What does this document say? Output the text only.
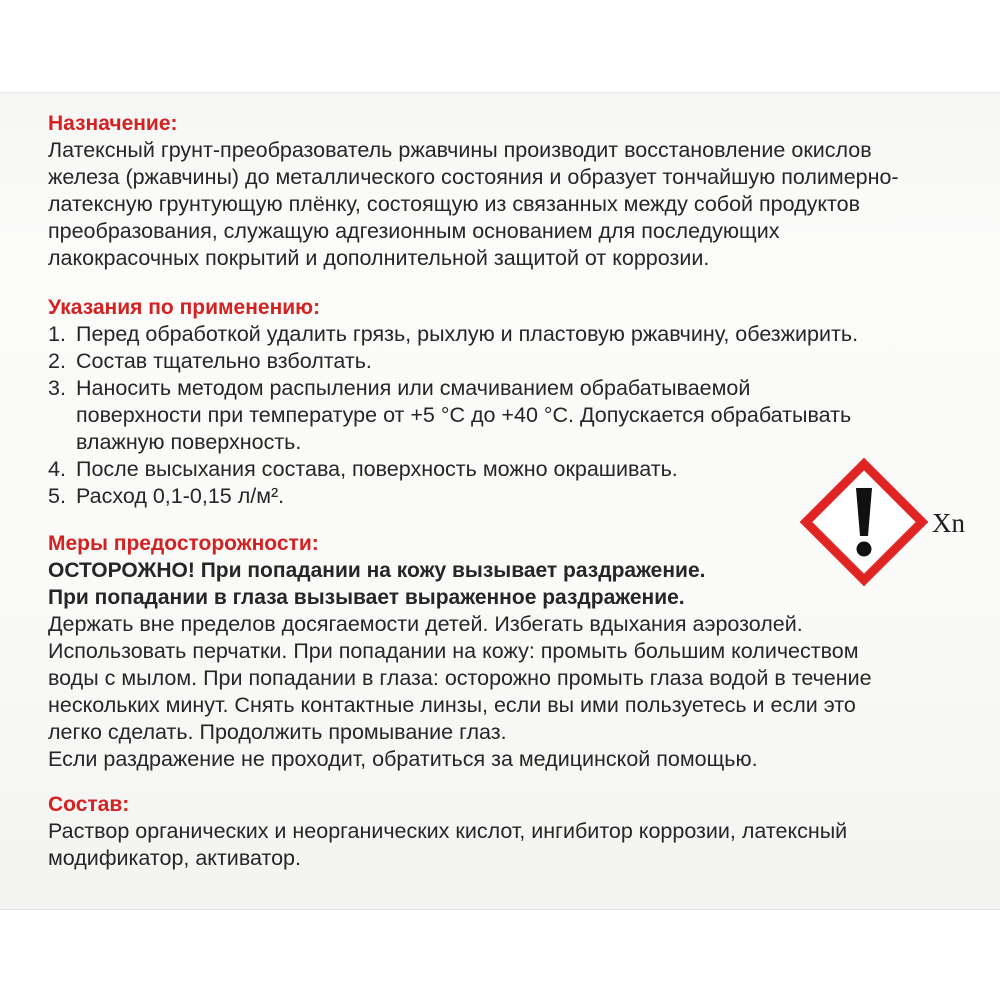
Назначение:

Латексный грунт-преобразователь ржавчины производит восстановление окислов

железа (ржавчины) до металлического состояния и образует тончайшую полимерно-

латексную грунтующую плёнку, состоящую из связанных между собой продуктов

преобразования, служащую адгезионным основанием для последующих

лакокрасочных покрытий и дополнительной защитой от коррозии.

Указания по применению:

1. Перед обработкой удалить грязь, рыхлую и пластовую ржавчину, обезжирить.
2. Состав тщательно взболтать.
3. Наносить методом распыления или смачиванием обрабатываемой
поверхности при температуре от +5 °С до +40 °С. Допускается обрабатывать
влажную поверхность.
4. После высыхания состава, поверхность можно окрашивать.
5. Расход 0,1-0,15 л/м².

Меры предосторожности:

ОСТОРОЖНО! При попадании на кожу вызывает раздражение.

При попадании в глаза вызывает выраженное раздражение.

Держать вне пределов досягаемости детей. Избегать вдыхания аэрозолей.

Использовать перчатки. При попадании на кожу: промыть большим количеством

воды с мылом. При попадании в глаза: осторожно промыть глаза водой в течение

нескольких минут. Снять контактные линзы, если вы ими пользуетесь и если это

легко сделать. Продолжить промывание глаз.

Если раздражение не проходит, обратиться за медицинской помощью.

Состав:

Раствор органических и неорганических кислот, ингибитор коррозии, латексный

модификатор, активатор.

Xn
